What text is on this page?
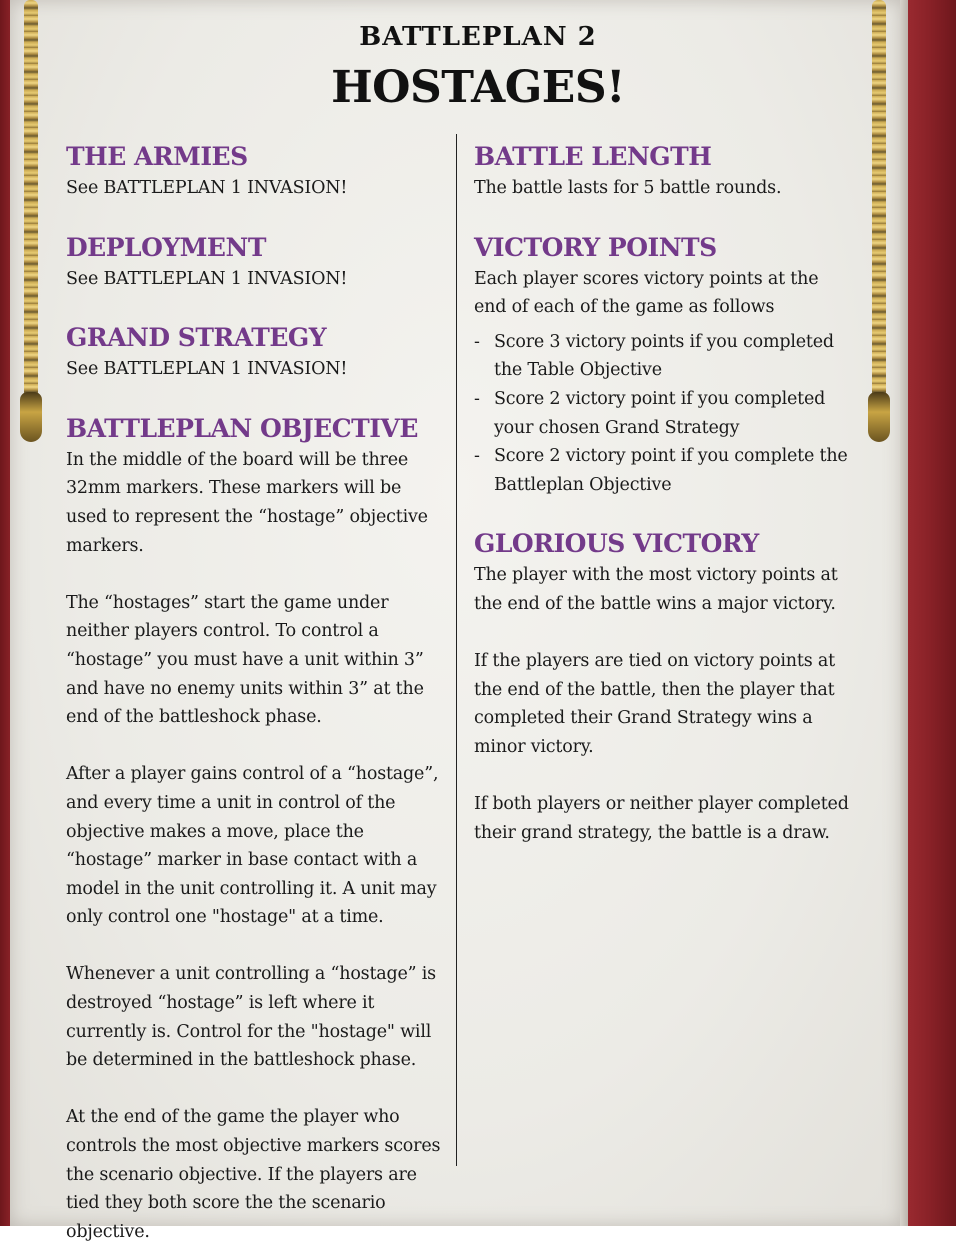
BATTLEPLAN 2
HOSTAGES!
THE ARMIES

See BATTLEPLAN 1 INVASION!

DEPLOYMENT

See BATTLEPLAN 1 INVASION!

GRAND STRATEGY

See BATTLEPLAN 1 INVASION!

BATTLEPLAN OBJECTIVE

In the middle of the board will be three 32mm markers. These markers will be used to represent the “hostage” objective markers.

The “hostages” start the game under neither players control. To control a “hostage” you must have a unit within 3” and have no enemy units within 3” at the end of the battleshock phase.

After a player gains control of a “hostage”, and every time a unit in control of the objective makes a move, place the “hostage” marker in base contact with a model in the unit controlling it. A unit may only control one "hostage" at a time.

Whenever a unit controlling a “hostage” is destroyed “hostage” is left where it currently is. Control for the "hostage" will be determined in the battleshock phase.

At the end of the game the player who controls the most objective markers scores the scenario objective. If the players are tied they both score the the scenario objective.

BATTLE LENGTH

The battle lasts for 5 battle rounds.

VICTORY POINTS

Each player scores victory points at the end of each of the game as follows

- Score 3 victory points if you completed the Table Objective
- Score 2 victory point if you completed your chosen Grand Strategy
- Score 2 victory point if you complete the Battleplan Objective
GLORIOUS VICTORY

The player with the most victory points at the end of the battle wins a major victory.

If the players are tied on victory points at the end of the battle, then the player that completed their Grand Strategy wins a minor victory.

If both players or neither player completed their grand strategy, the battle is a draw.
